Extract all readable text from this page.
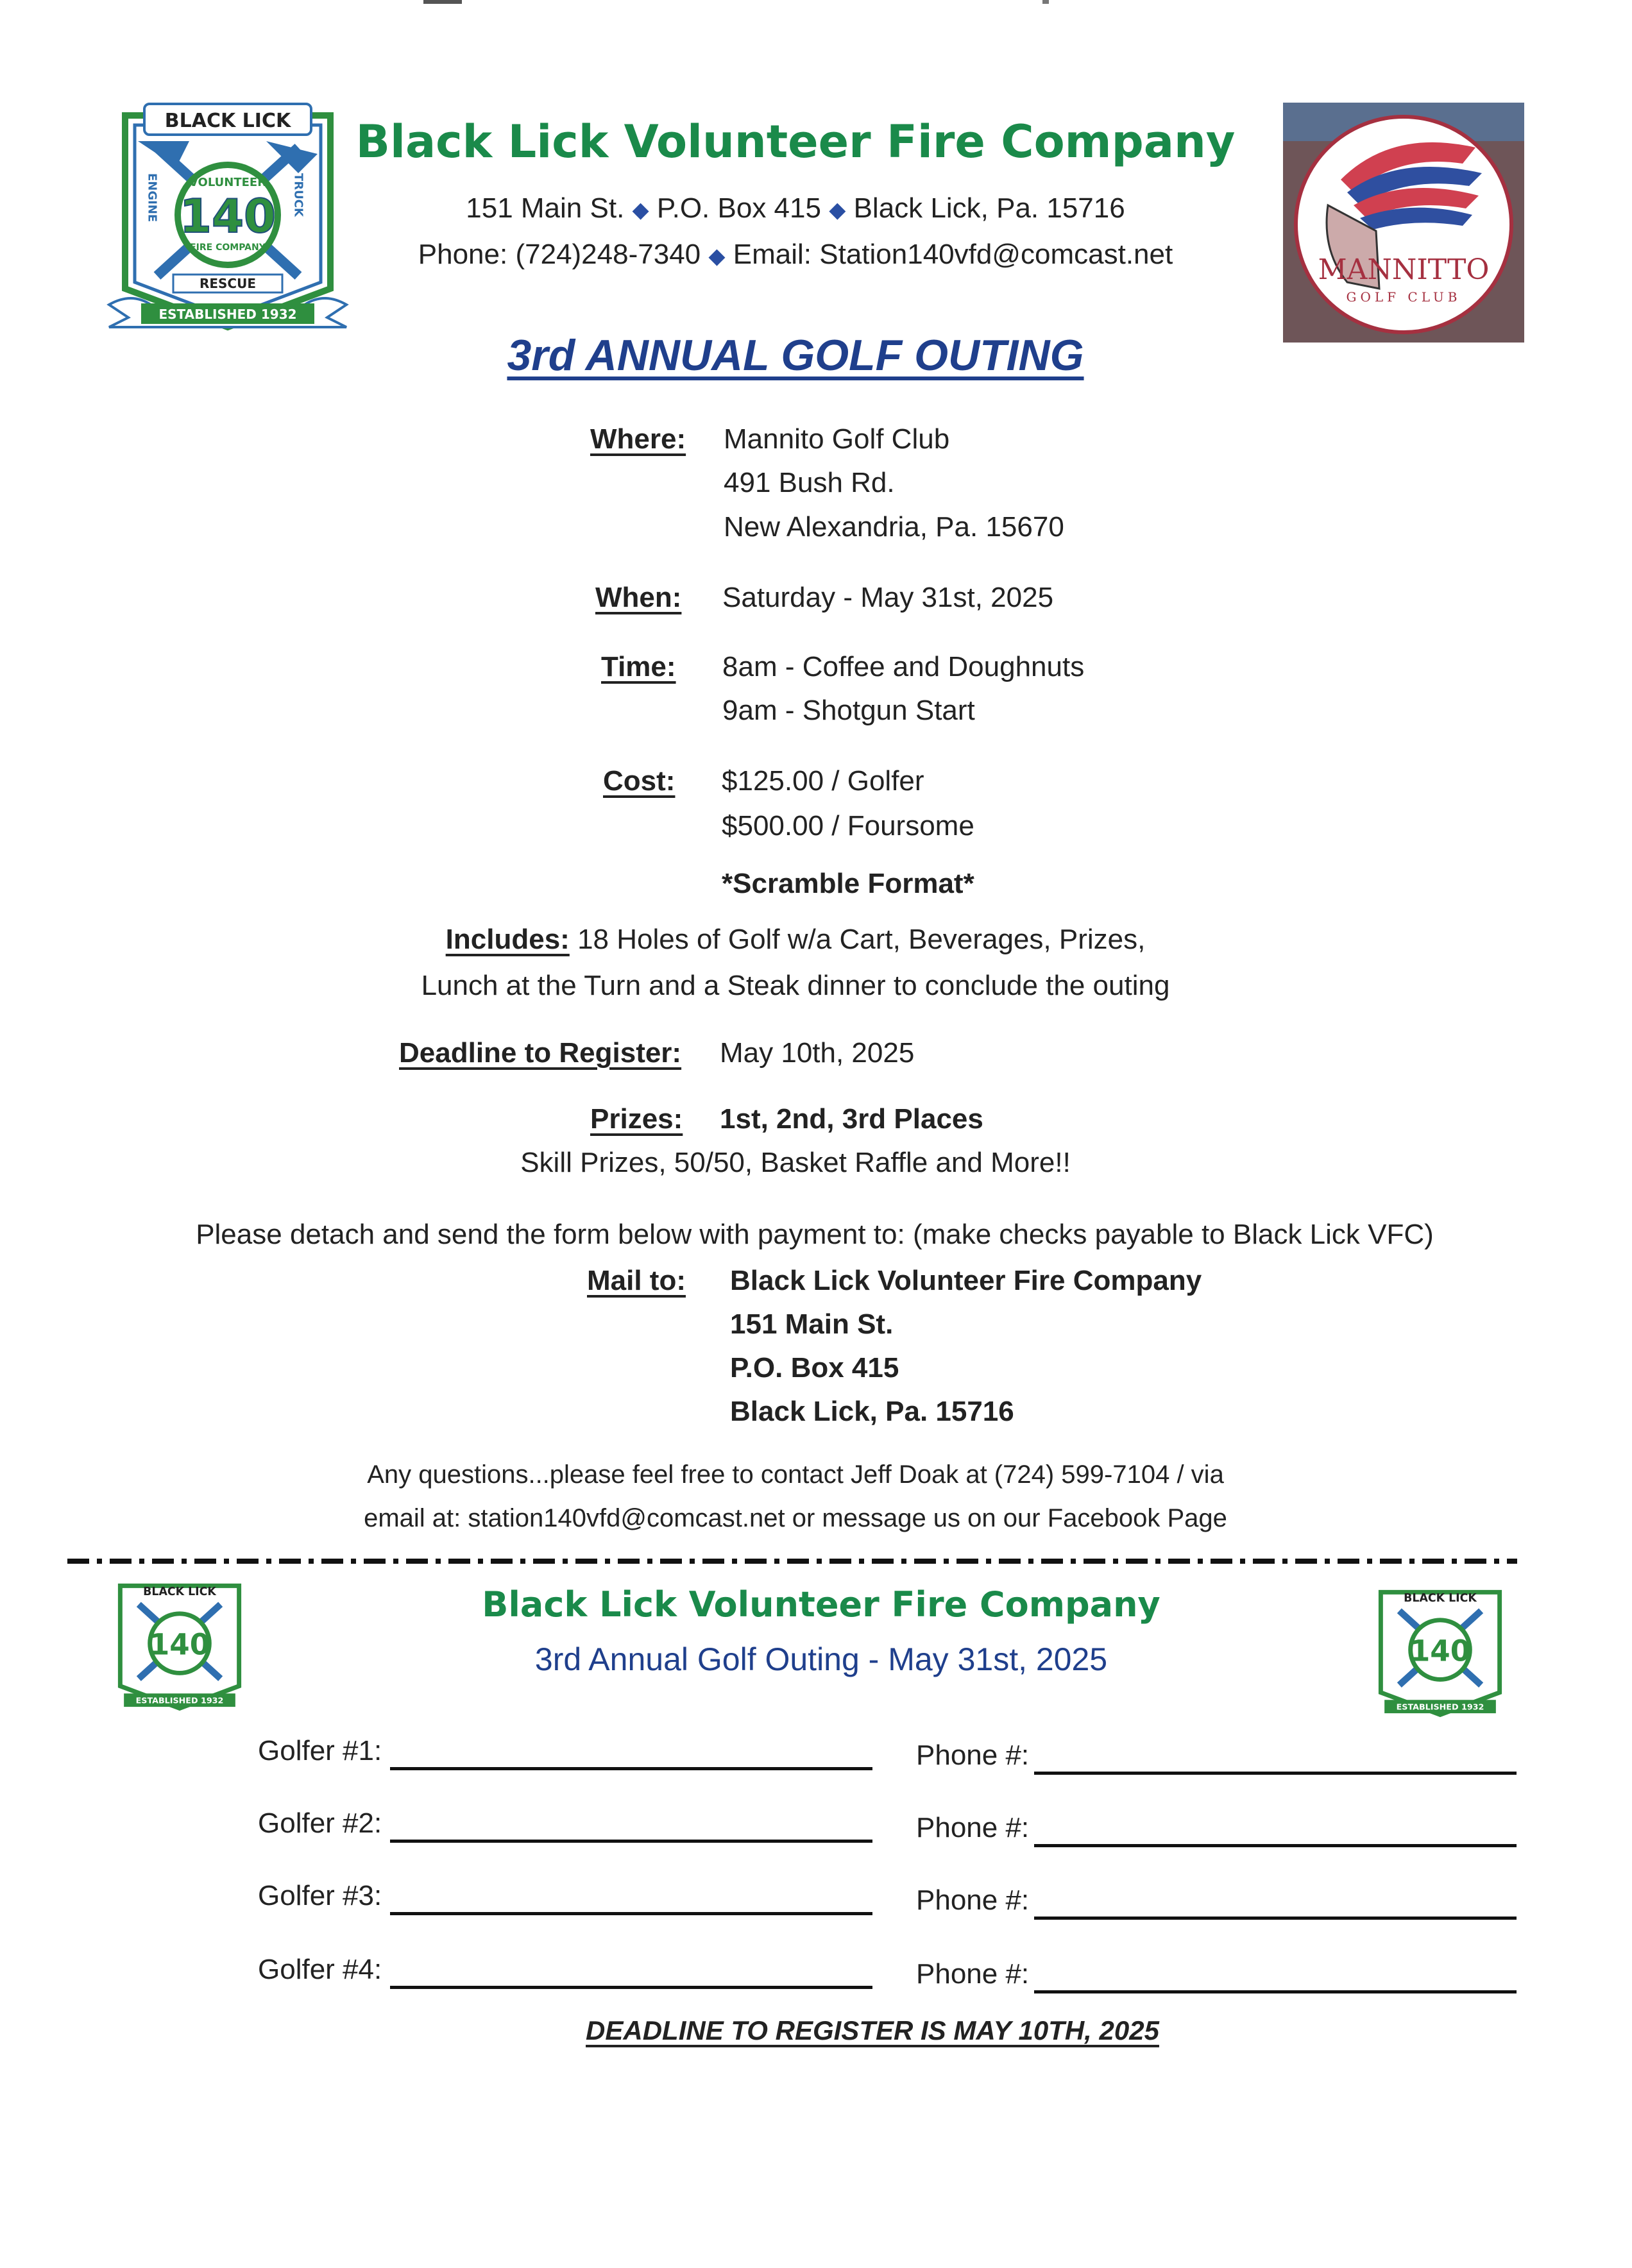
BLACK LICK
140
VOLUNTEER
FIRE COMPANY
ENGINE	TRUCK
RESCUE
ESTABLISHED 1932
Black Lick Volunteer Fire Company
151 Main St. ◆ P.O. Box 415 ◆ Black Lick, Pa. 15716
Phone: (724)248-7340 ◆ Email: Station140vfd@comcast.net	MANNITTO
GOLF CLUB
3rd ANNUAL GOLF OUTING
Where: Mannito Golf Club
491 Bush Rd.
New Alexandria, Pa. 15670
When: Saturday - May 31st, 2025
Time: 8am - Coffee and Doughnuts
9am - Shotgun Start
Cost: $125.00 / Golfer
$500.00 / Foursome
*Scramble Format*
Includes: 18 Holes of Golf w/a Cart, Beverages, Prizes,
Lunch at the Turn and a Steak dinner to conclude the outing
Deadline to Register: May 10th, 2025
Prizes: 1st, 2nd, 3rd Places
Skill Prizes, 50/50, Basket Raffle and More!!
Please detach and send the form below with payment to: (make checks payable to Black Lick VFC)
Mail to: Black Lick Volunteer Fire Company
151 Main St.
P.O. Box 415
Black Lick, Pa. 15716
Any questions...please feel free to contact Jeff Doak at (724) 599-7104 / via
email at: station140vfd@comcast.net or message us on our Facebook Page
140
BLACK LICK
ESTABLISHED 1932
140
BLACK LICK
ESTABLISHED 1932
Black Lick Volunteer Fire Company
3rd Annual Golf Outing - May 31st, 2025
Golfer #1:	Phone #:
Golfer #2:	Phone #:
Golfer #3:	Phone #:
Golfer #4:	Phone #:
DEADLINE TO REGISTER IS MAY 10TH, 2025
